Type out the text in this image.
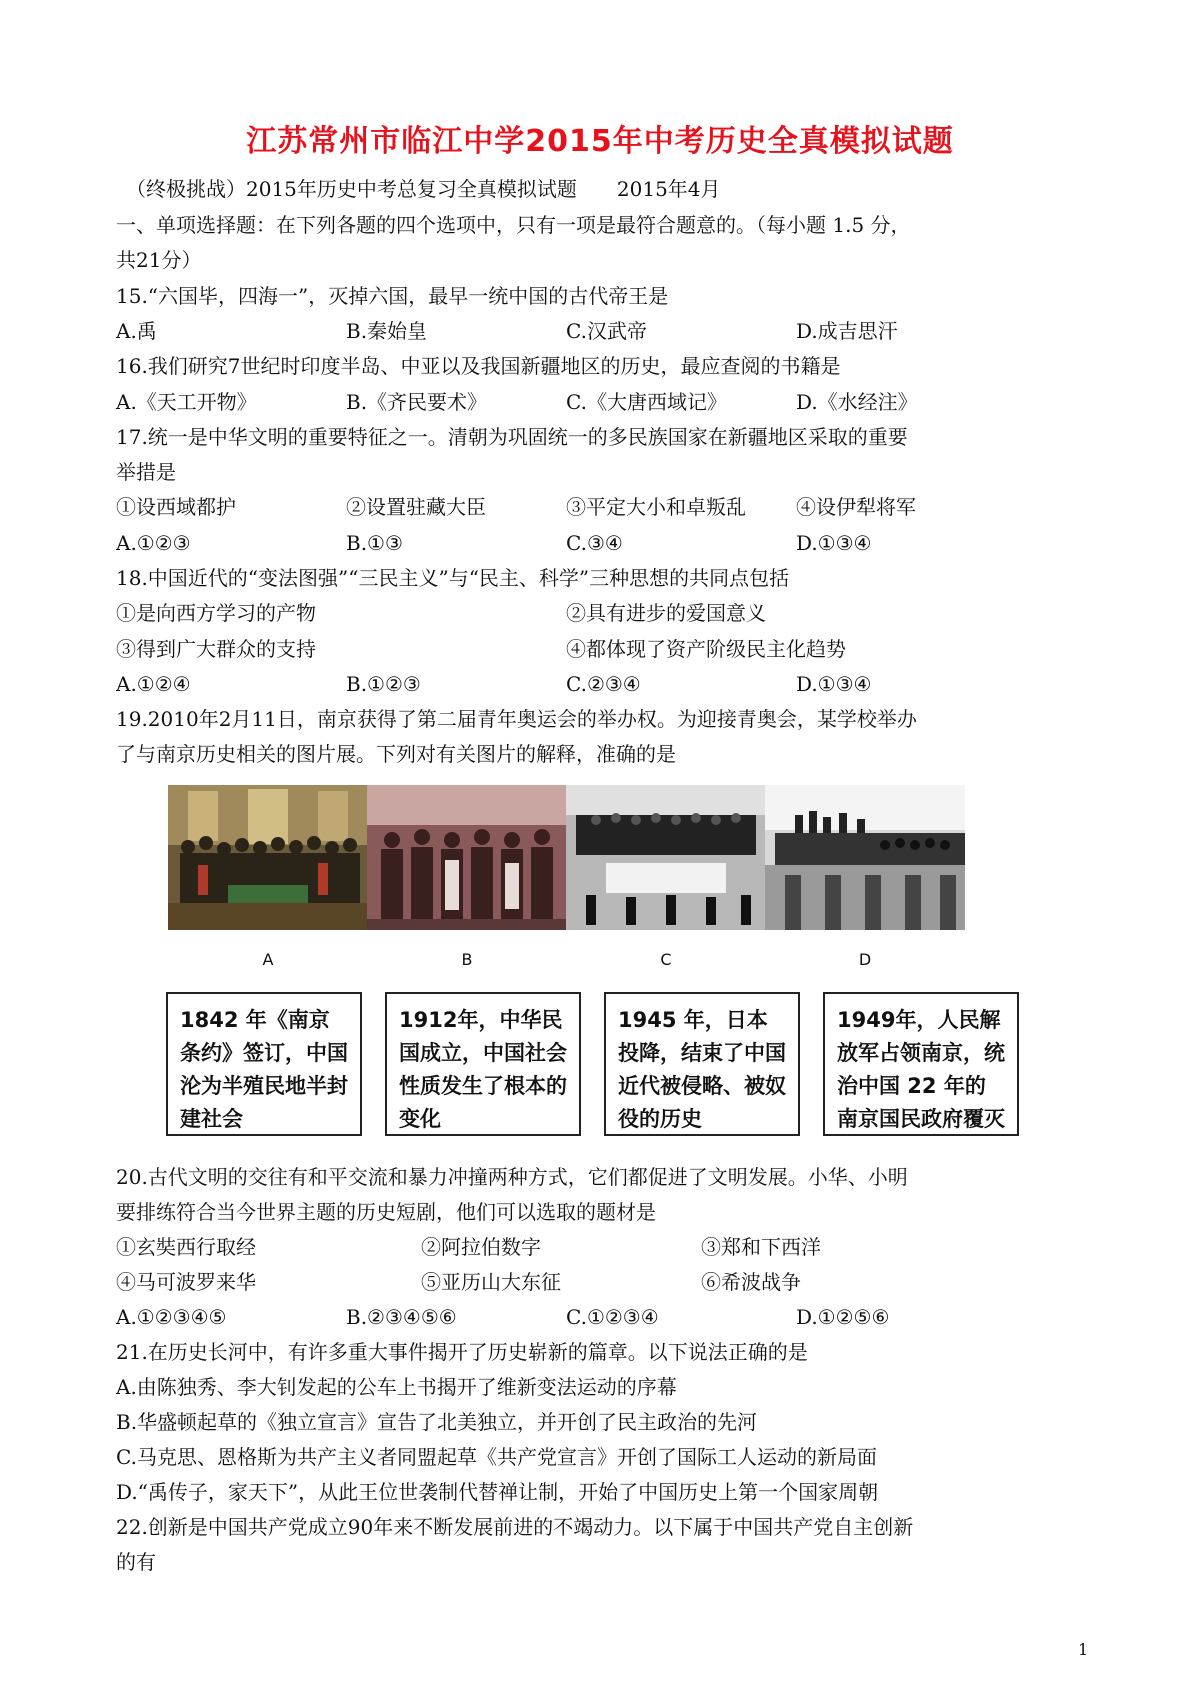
江苏常州市临江中学2015年中考历史全真模拟试题
（终极挑战）2015年历史中考总复习全真模拟试题　　2015年4月
一、单项选择题：在下列各题的四个选项中，只有一项是最符合题意的。（每小题 1.5 分，
共21分）
15.“六国毕，四海一”，灭掉六国，最早一统中国的古代帝王是
A.禹	B.秦始皇	C.汉武帝	D.成吉思汗
16.我们研究7世纪时印度半岛、中亚以及我国新疆地区的历史，最应查阅的书籍是
A.《天工开物》	B.《齐民要术》	C.《大唐西域记》	D.《水经注》
17.统一是中华文明的重要特征之一。清朝为巩固统一的多民族国家在新疆地区采取的重要
举措是
①设西域都护	②设置驻藏大臣	③平定大小和卓叛乱	④设伊犁将军
A.①②③	B.①③	C.③④	D.①③④
18.中国近代的“变法图强”“三民主义”与“民主、科学”三种思想的共同点包括
①是向西方学习的产物	②具有进步的爱国意义
③得到广大群众的支持	④都体现了资产阶级民主化趋势
A.①②④	B.①②③	C.②③④	D.①③④
19.2010年2月11日，南京获得了第二届青年奥运会的举办权。为迎接青奥会，某学校举办
了与南京历史相关的图片展。下列对有关图片的解释，准确的是
A	B	C	D
1842 年《南京条约》签订，中国沦为半殖民地半封建社会
1912年，中华民国成立，中国社会性质发生了根本的变化
1945 年，日本投降，结束了中国近代被侵略、被奴役的历史
1949年，人民解放军占领南京，统治中国 22 年的南京国民政府覆灭
20.古代文明的交往有和平交流和暴力冲撞两种方式，它们都促进了文明发展。小华、小明
要排练符合当今世界主题的历史短剧，他们可以选取的题材是
①玄奘西行取经	②阿拉伯数字	③郑和下西洋
④马可波罗来华	⑤亚历山大东征	⑥希波战争
A.①②③④⑤	B.②③④⑤⑥	C.①②③④	D.①②⑤⑥
21.在历史长河中，有许多重大事件揭开了历史崭新的篇章。以下说法正确的是
A.由陈独秀、李大钊发起的公车上书揭开了维新变法运动的序幕
B.华盛顿起草的《独立宣言》宣告了北美独立，并开创了民主政治的先河
C.马克思、恩格斯为共产主义者同盟起草《共产党宣言》开创了国际工人运动的新局面
D.“禹传子，家天下”，从此王位世袭制代替禅让制，开始了中国历史上第一个国家周朝
22.创新是中国共产党成立90年来不断发展前进的不竭动力。以下属于中国共产党自主创新
的有
1
